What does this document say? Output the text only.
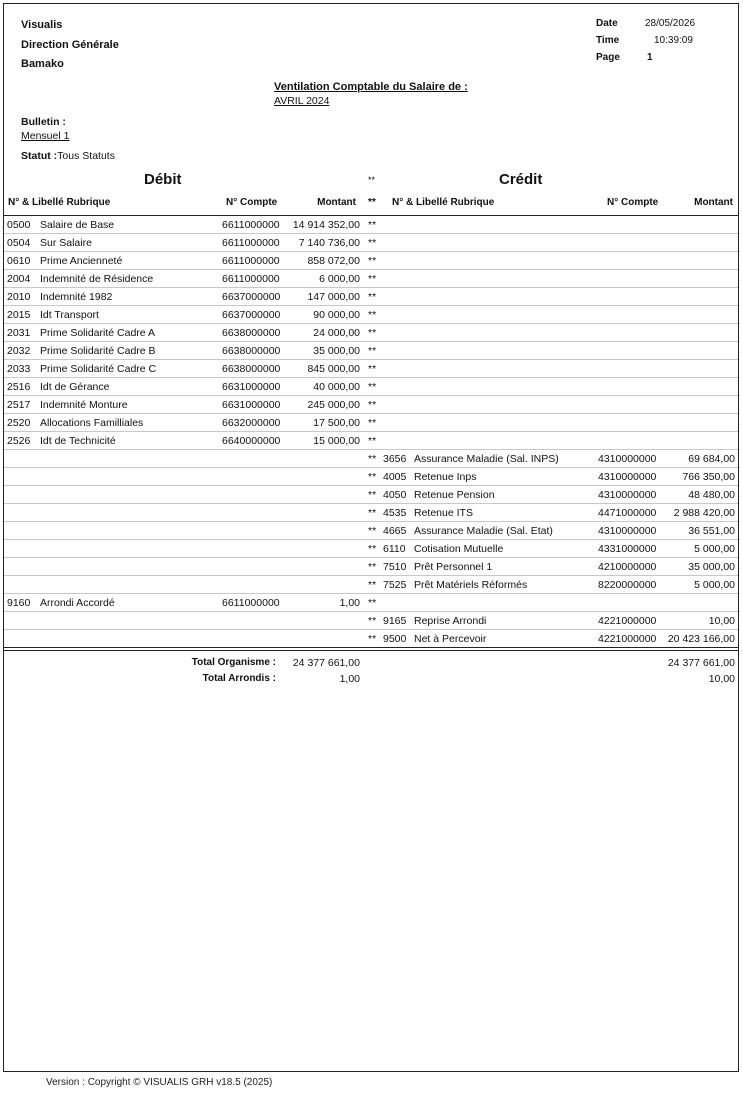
Visualis
Direction Générale
Bamako
Date	28/05/2026
Time	10:39:09
Page	1
Ventilation Comptable du Salaire de :
AVRIL 2024
Bulletin :
Mensuel 1
Statut :Tous Statuts
Débit	**	Crédit
N° & Libellé Rubrique	N° Compte	Montant ** N° & Libellé Rubrique	N° Compte	Montant
0500 Salaire de Base	6611000000	14 914 352,00 **
0504 Sur Salaire	6611000000	7 140 736,00 **
0610 Prime Ancienneté	6611000000	858 072,00 **
2004 Indemnité de Résidence	6611000000	6 000,00 **
2010 Indemnité 1982	6637000000	147 000,00 **
2015 Idt Transport	6637000000	90 000,00 **
2031 Prime Solidarité Cadre A	6638000000	24 000,00 **
2032 Prime Solidarité Cadre B	6638000000	35 000,00 **
2033 Prime Solidarité Cadre C	6638000000	845 000,00 **
2516 Idt de Gérance	6631000000	40 000,00 **
2517 Indemnité Monture	6631000000	245 000,00 **
2520 Allocations Familliales	6632000000	17 500,00 **
2526 Idt de Technicité	6640000000	15 000,00 **
** 3656 Assurance Maladie (Sal. INPS)	4310000000	69 684,00
** 4005 Retenue Inps	4310000000	766 350,00
** 4050 Retenue Pension	4310000000	48 480,00
** 4535 Retenue ITS	4471000000	2 988 420,00
** 4665 Assurance Maladie (Sal. Etat)	4310000000	36 551,00
** 6110 Cotisation Mutuelle	4331000000	5 000,00
** 7510 Prêt Personnel 1	4210000000	35 000,00
** 7525 Prêt Matériels Réformés	8220000000	5 000,00
9160 Arrondi Accordé	6611000000	1,00 **
** 9165 Reprise Arrondi	4221000000	10,00
** 9500 Net à Percevoir	4221000000	20 423 166,00
Total Organisme :	24 377 661,00	24 377 661,00
Total Arrondis :	1,00	10,00
Version : Copyright © VISUALIS GRH v18.5 (2025)
